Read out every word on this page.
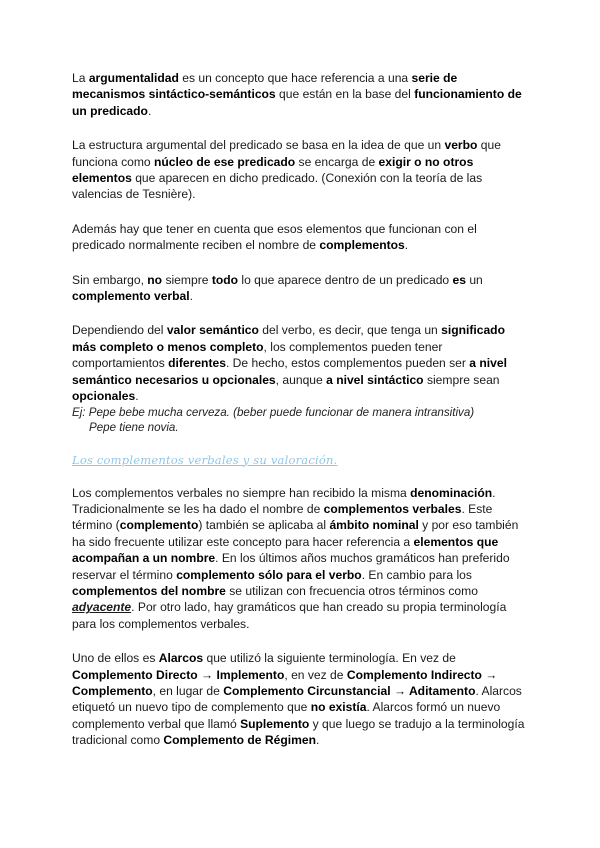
La argumentalidad es un concepto que hace referencia a una serie de mecanismos sintáctico-semánticos que están en la base del funcionamiento de un predicado.

La estructura argumental del predicado se basa en la idea de que un verbo que funciona como núcleo de ese predicado se encarga de exigir o no otros elementos que aparecen en dicho predicado. (Conexión con la teoría de las valencias de Tesnière).

Además hay que tener en cuenta que esos elementos que funcionan con el predicado normalmente reciben el nombre de complementos.

Sin embargo, no siempre todo lo que aparece dentro de un predicado es un complemento verbal.

Dependiendo del valor semántico del verbo, es decir, que tenga un significado más completo o menos completo, los complementos pueden tener comportamientos diferentes. De hecho, estos complementos pueden ser a nivel semántico necesarios u opcionales, aunque a nivel sintáctico siempre sean opcionales.

Ej: Pepe bebe mucha cerveza. (beber puede funcionar de manera intransitiva)
Pepe tiene novia.
Los complementos verbales y su valoración.

Los complementos verbales no siempre han recibido la misma denominación. Tradicionalmente se les ha dado el nombre de complementos verbales. Este término (complemento) también se aplicaba al ámbito nominal y por eso también ha sido frecuente utilizar este concepto para hacer referencia a elementos que acompañan a un nombre. En los últimos años muchos gramáticos han preferido reservar el término complemento sólo para el verbo. En cambio para los complementos del nombre se utilizan con frecuencia otros términos como adyacente. Por otro lado, hay gramáticos que han creado su propia terminología para los complementos verbales.

Uno de ellos es Alarcos que utilizó la siguiente terminología. En vez de Complemento Directo → Implemento, en vez de Complemento Indirecto → Complemento, en lugar de Complemento Circunstancial → Aditamento. Alarcos etiquetó un nuevo tipo de complemento que no existía. Alarcos formó un nuevo complemento verbal que llamó Suplemento y que luego se tradujo a la terminología tradicional como Complemento de Régimen.
